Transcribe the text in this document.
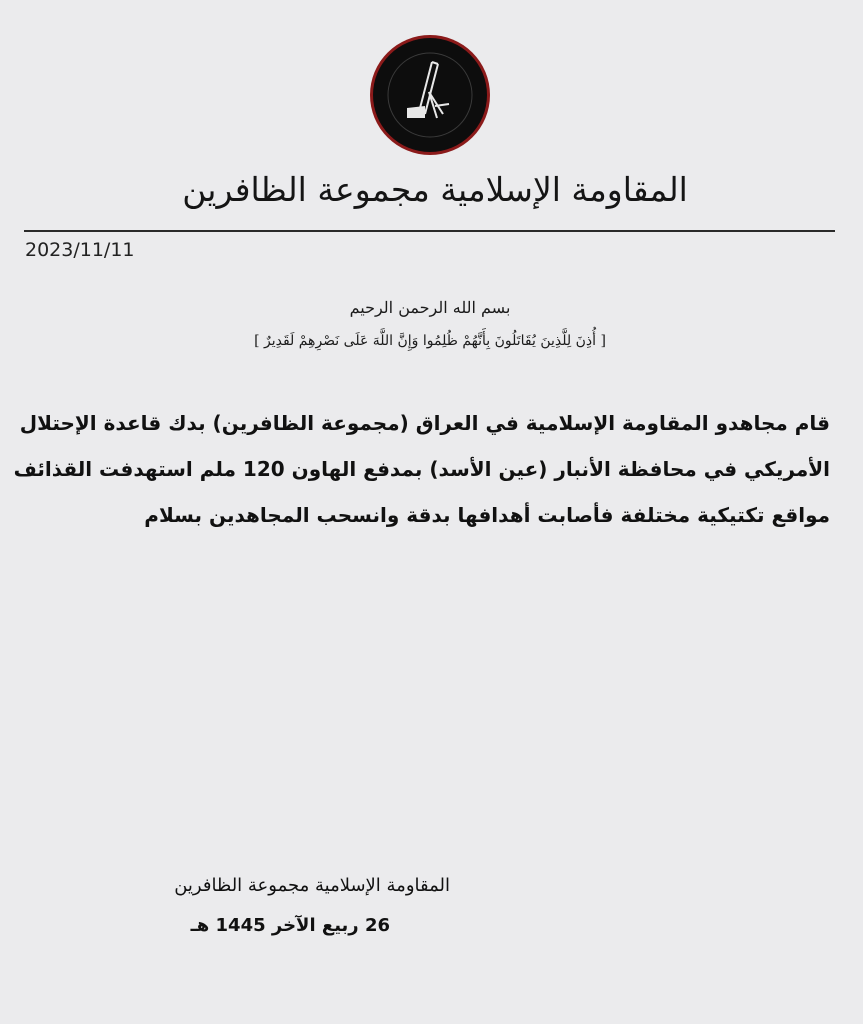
المقاومة الإسلامية مجموعة الظافرين
2023/11/11
بسم الله الرحمن الرحيم
[ أُذِنَ لِلَّذِينَ يُقَاتَلُونَ بِأَنَّهُمْ ظُلِمُوا وَإِنَّ اللَّهَ عَلَى نَصْرِهِمْ لَقَدِيرٌ ]
قام مجاهدو المقاومة الإسلامية في العراق (مجموعة الظافرين) بدك قاعدة الإحتلال
الأمريكي في محافظة الأنبار (عين الأسد) بمدفع الهاون 120 ملم استهدفت القذائف
مواقع تكتيكية مختلفة فأصابت أهدافها بدقة وانسحب المجاهدين بسلام
المقاومة الإسلامية مجموعة الظافرين
26 ربيع الآخر 1445 هـ
